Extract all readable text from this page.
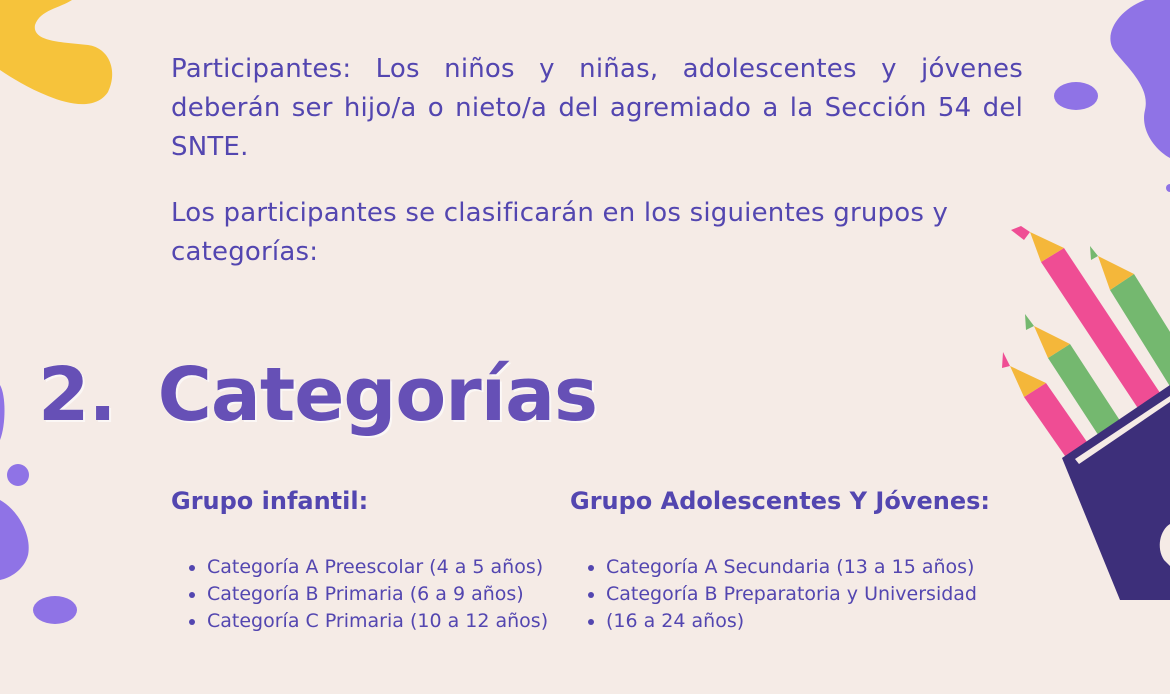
Participantes: Los niños y niñas, adolescentes y jóvenes deberán ser hijo/a o nieto/a del agremiado a la Sección 54 del SNTE.

Los participantes se clasificarán en los siguientes grupos y categorías:

2. Categorías
Grupo infantil:
Categoría A Preescolar (4 a 5 años)
Categoría B Primaria (6 a 9 años)
Categoría C Primaria (10 a 12 años)
Grupo Adolescentes Y Jóvenes:
Categoría A Secundaria (13 a 15 años)
Categoría B Preparatoria y Universidad
(16 a 24 años)
